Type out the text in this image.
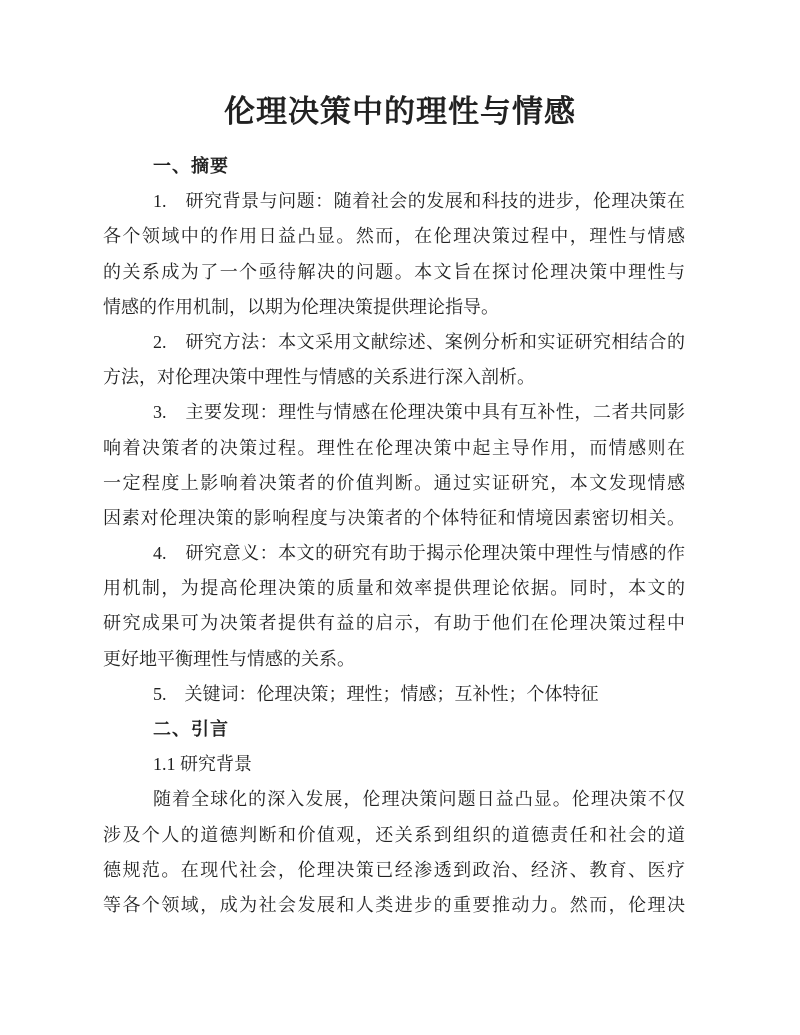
伦理决策中的理性与情感
一、摘要
1.　研究背景与问题：随着社会的发展和科技的进步，伦理决策在
各个领域中的作用日益凸显。然而，在伦理决策过程中，理性与情感
的关系成为了一个亟待解决的问题。本文旨在探讨伦理决策中理性与
情感的作用机制，以期为伦理决策提供理论指导。
2.　研究方法：本文采用文献综述、案例分析和实证研究相结合的
方法，对伦理决策中理性与情感的关系进行深入剖析。
3.　主要发现：理性与情感在伦理决策中具有互补性，二者共同影
响着决策者的决策过程。理性在伦理决策中起主导作用，而情感则在
一定程度上影响着决策者的价值判断。通过实证研究，本文发现情感
因素对伦理决策的影响程度与决策者的个体特征和情境因素密切相关。
4.　研究意义：本文的研究有助于揭示伦理决策中理性与情感的作
用机制，为提高伦理决策的质量和效率提供理论依据。同时，本文的
研究成果可为决策者提供有益的启示，有助于他们在伦理决策过程中
更好地平衡理性与情感的关系。
5.　关键词：伦理决策；理性；情感；互补性；个体特征
二、引言
1.1 研究背景
随着全球化的深入发展，伦理决策问题日益凸显。伦理决策不仅
涉及个人的道德判断和价值观，还关系到组织的道德责任和社会的道
德规范。在现代社会，伦理决策已经渗透到政治、经济、教育、医疗
等各个领域，成为社会发展和人类进步的重要推动力。然而，伦理决
